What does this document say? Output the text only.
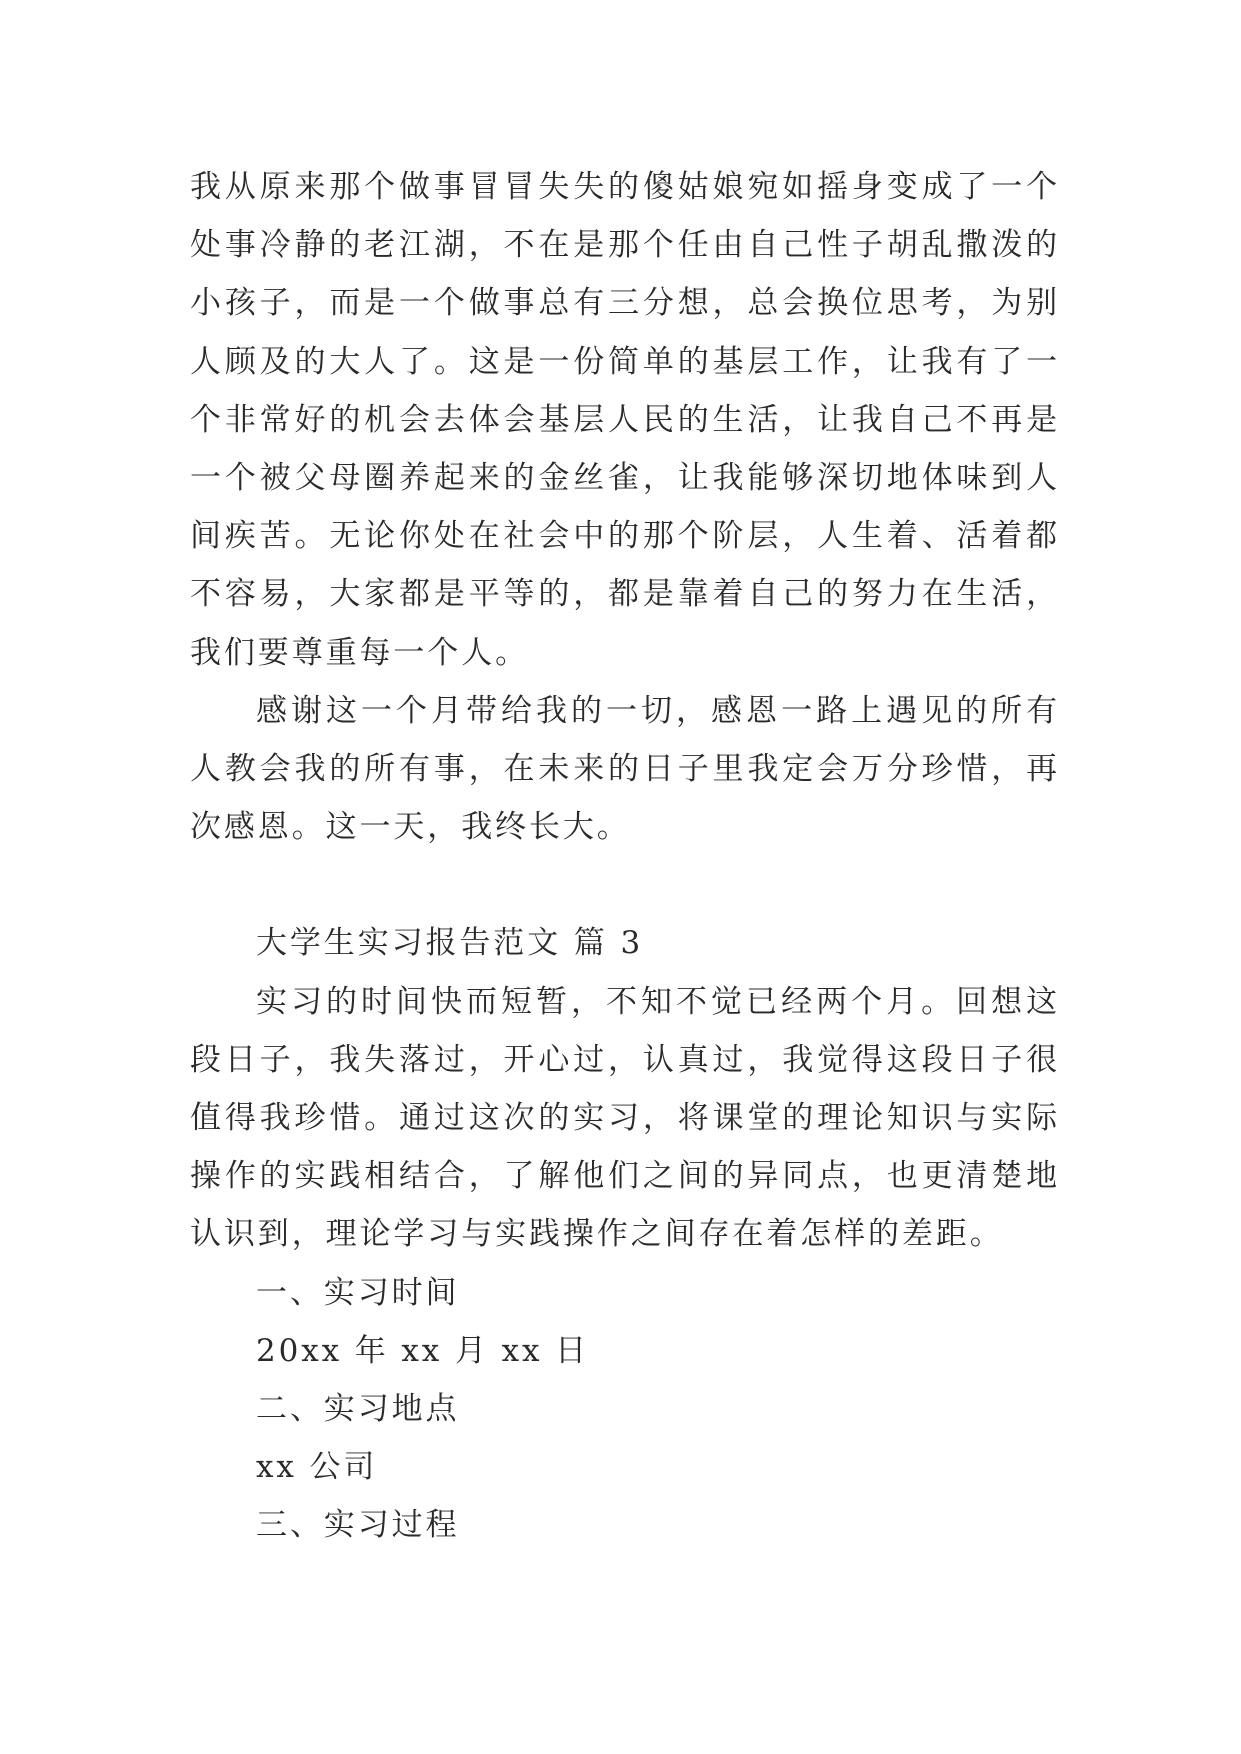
我从原来那个做事冒冒失失的傻姑娘宛如摇身变成了一个处事冷静的老江湖，不在是那个任由自己性子胡乱撒泼的小孩子，而是一个做事总有三分想，总会换位思考，为别人顾及的大人了。这是一份简单的基层工作，让我有了一个非常好的机会去体会基层人民的生活，让我自己不再是一个被父母圈养起来的金丝雀，让我能够深切地体味到人间疾苦。无论你处在社会中的那个阶层，人生着、活着都不容易，大家都是平等的，都是靠着自己的努力在生活，我们要尊重每一个人。

感谢这一个月带给我的一切，感恩一路上遇见的所有人教会我的所有事，在未来的日子里我定会万分珍惜，再次感恩。这一天，我终长大。

大学生实习报告范文 篇 3

实习的时间快而短暂，不知不觉已经两个月。回想这段日子，我失落过，开心过，认真过，我觉得这段日子很值得我珍惜。通过这次的实习，将课堂的理论知识与实际操作的实践相结合，了解他们之间的异同点，也更清楚地认识到，理论学习与实践操作之间存在着怎样的差距。

一、实习时间

20xx 年 xx 月 xx 日

二、实习地点

xx 公司

三、实习过程
